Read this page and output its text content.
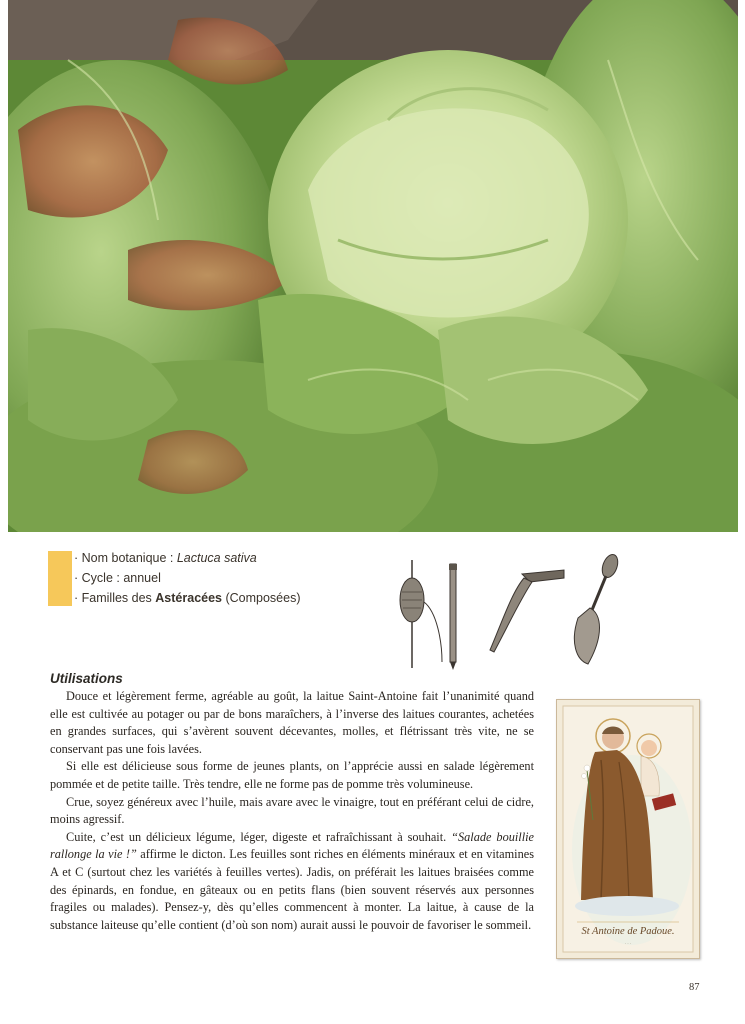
· Nom botanique : Lactuca sativa
· Cycle : annuel
· Familles des Astéracées (Composées)
Utilisations

Douce et légèrement ferme, agréable au goût, la laitue Saint-Antoine fait l’unanimité quand elle est cultivée au potager ou par de bons maraîchers, à l’inverse des laitues courantes, achetées en grandes surfaces, qui s’avèrent souvent décevantes, molles, et flétrissant très vite, ne se conservant pas une fois lavées.

Si elle est délicieuse sous forme de jeunes plants, on l’apprécie aussi en salade légèrement pommée et de petite taille. Très tendre, elle ne forme pas de pomme très volumineuse.

Crue, soyez généreux avec l’huile, mais avare avec le vinaigre, tout en préférant celui de cidre, moins agressif.

Cuite, c’est un délicieux légume, léger, digeste et rafraîchissant à souhait. “Salade bouillie rallonge la vie !” affirme le dicton. Les feuilles sont riches en éléments minéraux et en vitamines A et C (surtout chez les variétés à feuilles vertes). Jadis, on préférait les laitues braisées comme des épinards, en fondue, en gâteaux ou en petits flans (bien souvent réservés aux personnes fragiles ou malades). Pensez-y, dès qu’elles commencent à monter. La laitue, à cause de la substance laiteuse qu’elle contient (d’où son nom) aurait aussi le pouvoir de favoriser le sommeil.

· · ·
St Antoine de Padoue.
87
